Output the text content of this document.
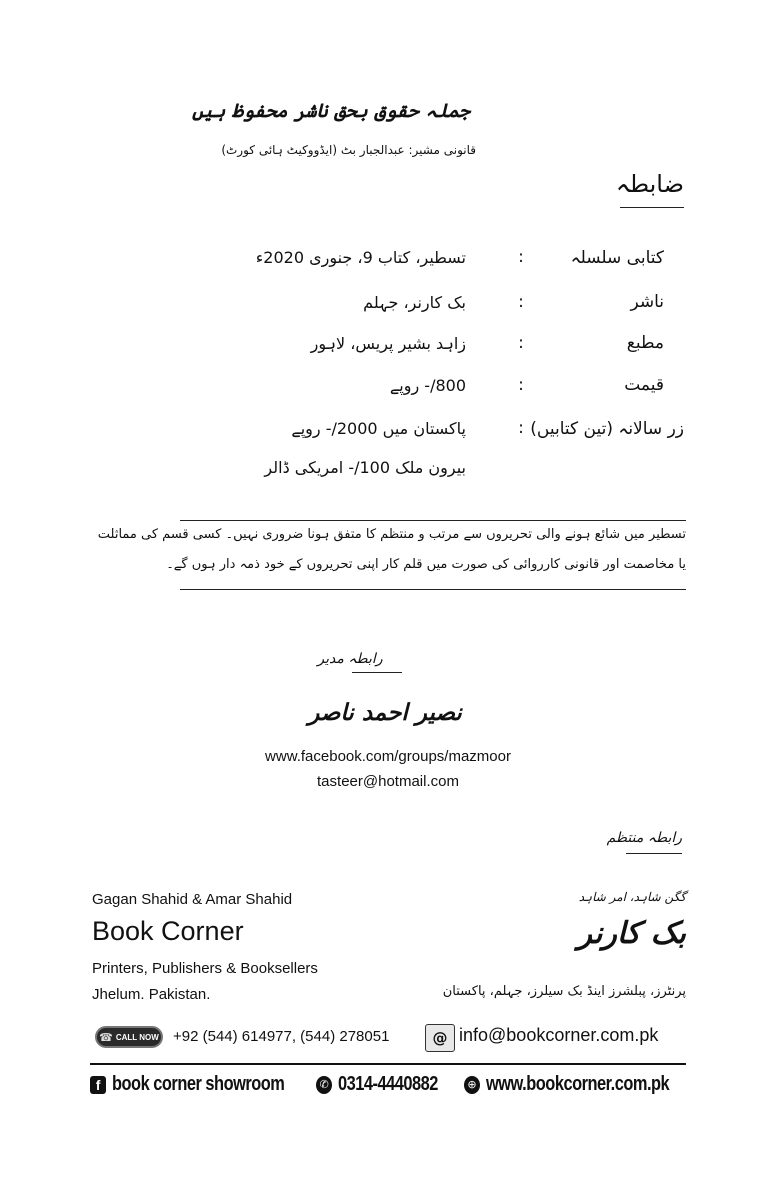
جملہ حقوق بحق ناشر محفوظ ہیں
قانونی مشیر: عبدالجبار بٹ (ایڈووکیٹ ہائی کورٹ)
ضابطہ
کتابی سلسلہ
:
تسطیر، کتاب 9، جنوری 2020ء
ناشر
:
بک کارنر، جہلم
مطبع
:
زاہد بشیر پریس، لاہور
قیمت
:
800/- روپے
زر سالانہ (تین کتابیں)
:
پاکستان میں 2000/- روپے
بیرون ملک 100/- امریکی ڈالر
تسطیر میں شائع ہونے والی تحریروں سے مرتب و منتظم کا متفق ہونا ضروری نہیں۔ کسی قسم کی مماثلت
یا مخاصمت اور قانونی کارروائی کی صورت میں قلم کار اپنی تحریروں کے خود ذمہ دار ہوں گے۔
رابطہ مدیر
نصیر احمد ناصر
www.facebook.com/groups/mazmoor
tasteer@hotmail.com
رابطہ منتظم
Gagan Shahid & Amar Shahid
Book Corner
Printers, Publishers & Booksellers
Jhelum. Pakistan.
گگن شاہد، امر شاہد
بک کارنر
پرنٹرز، پبلشرز اینڈ بک سیلرز، جہلم، پاکستان
☎ CALL NOW +92 (544) 614977, (544) 278051	@ info@bookcorner.com.pk
f book corner showroom	✆ 0314-4440882	⊕ www.bookcorner.com.pk
